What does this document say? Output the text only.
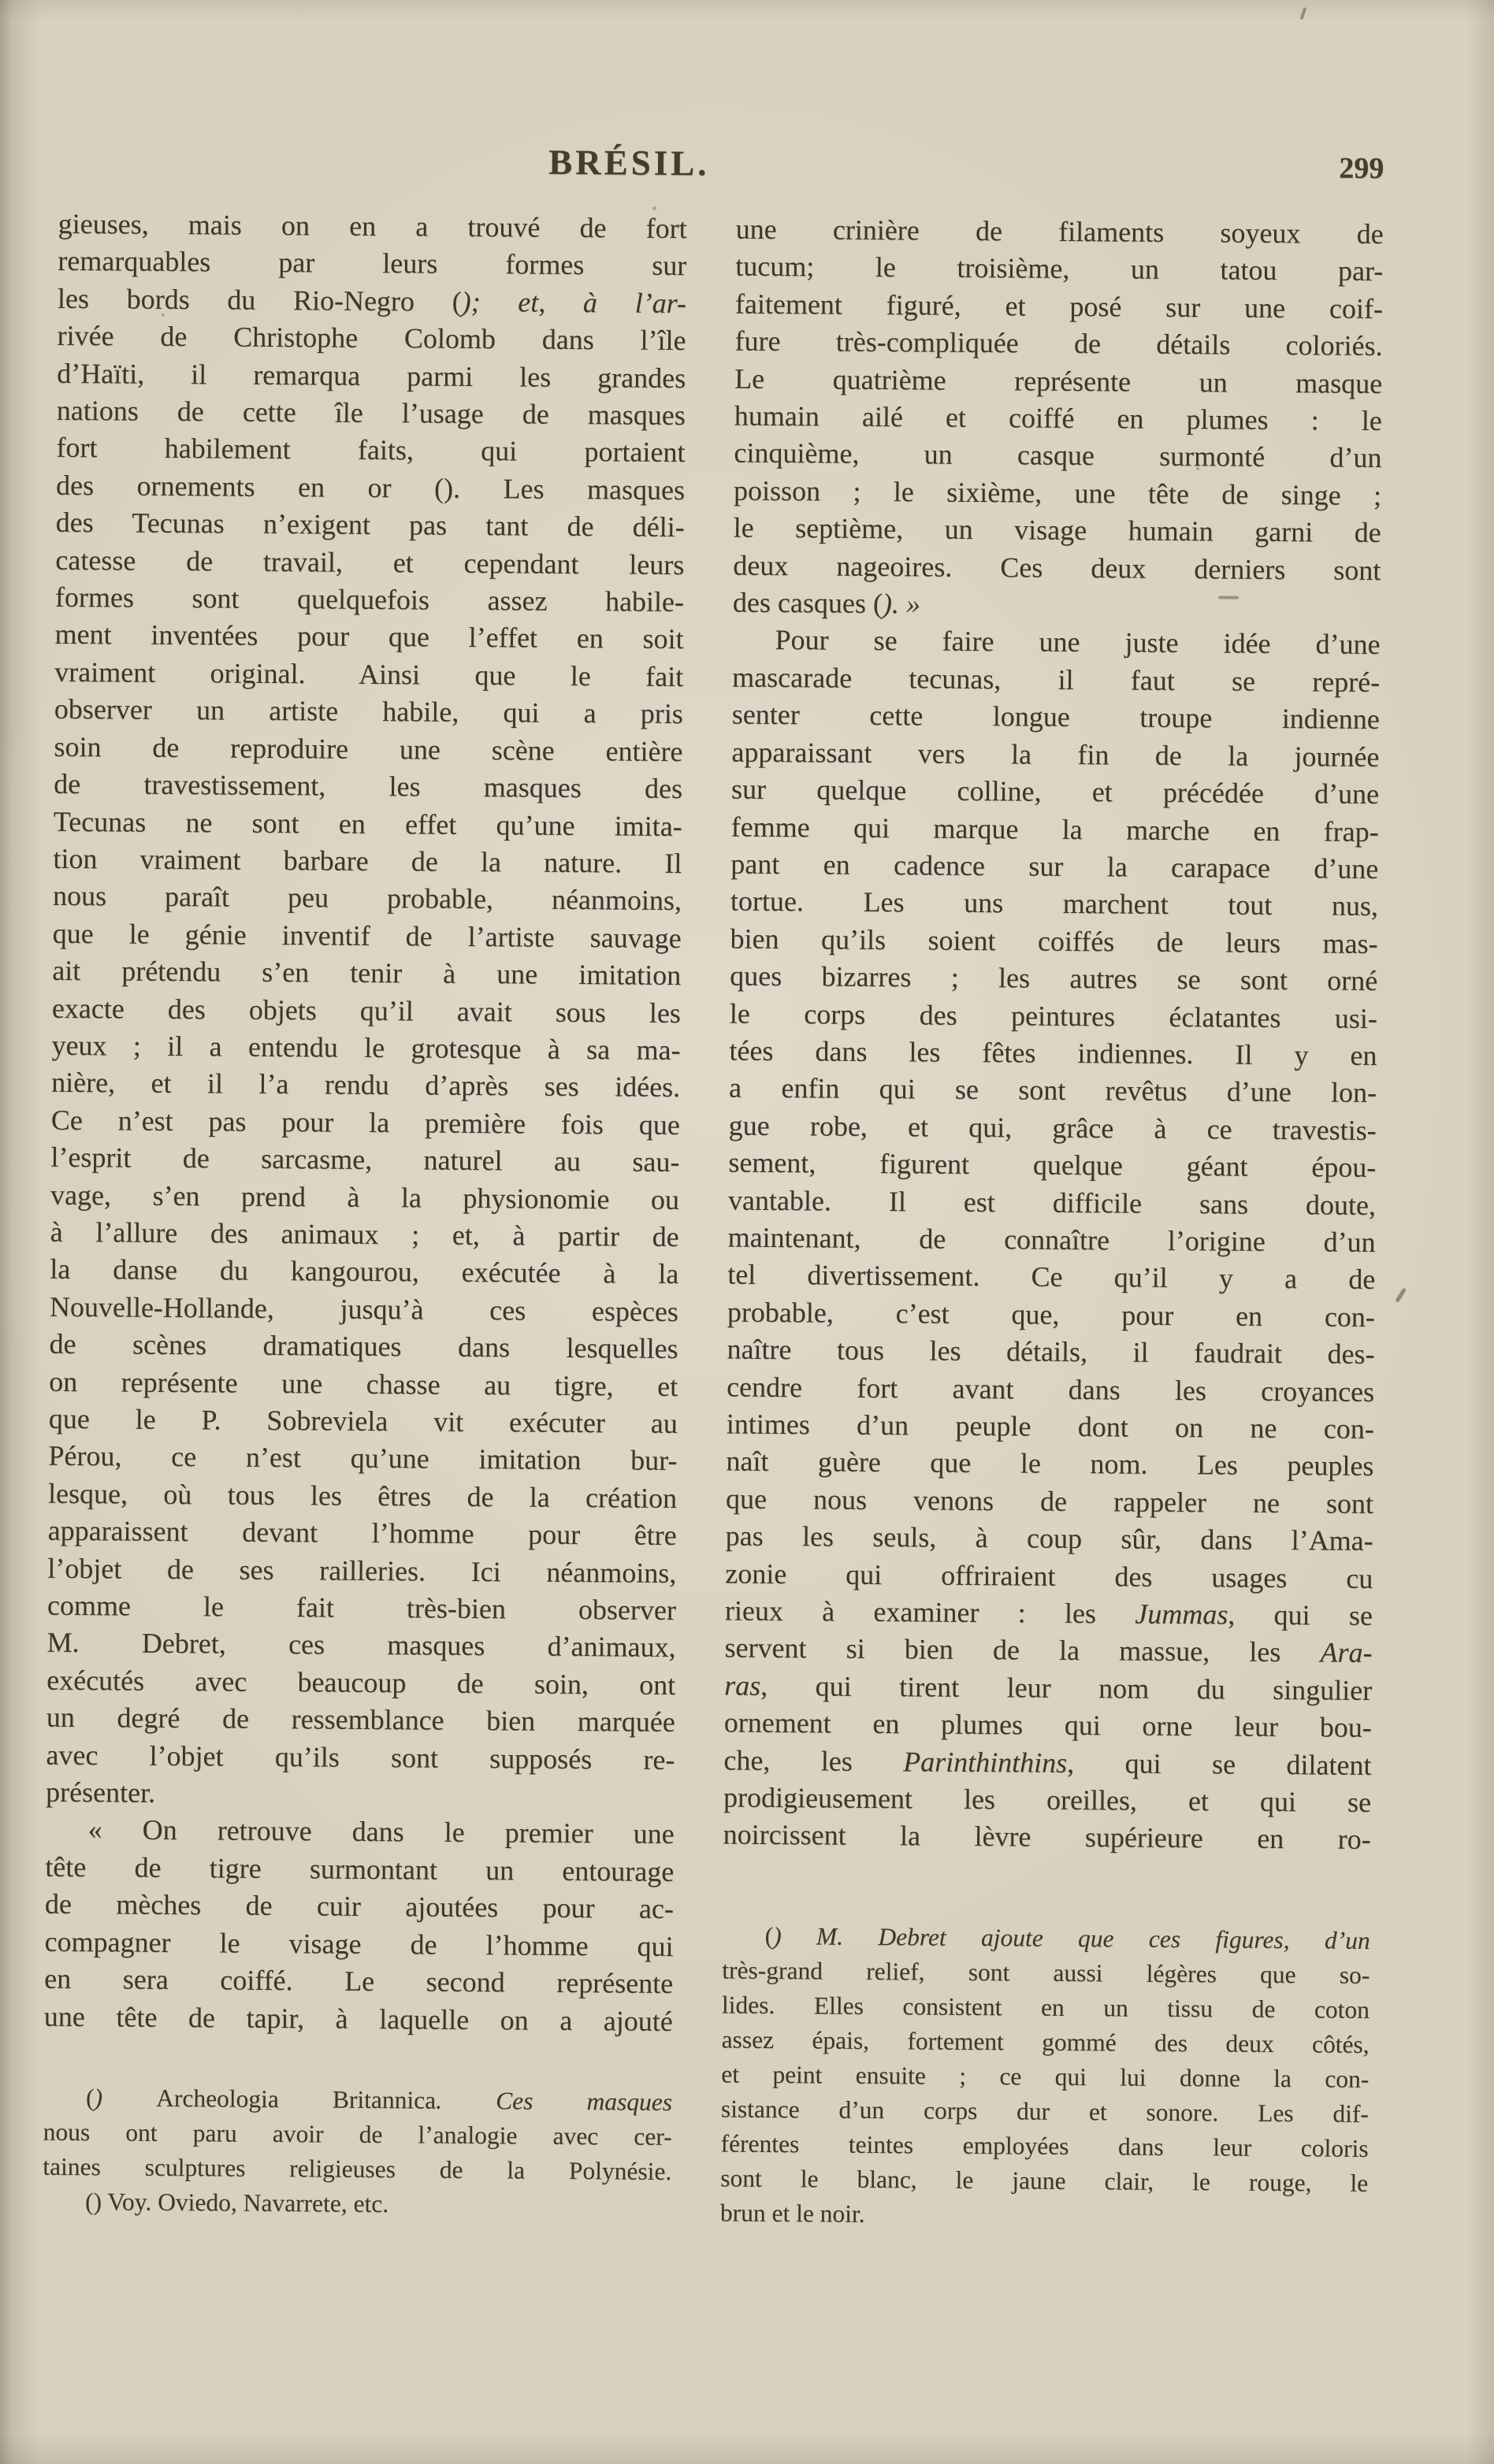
BRÉSIL.	299
gieuses, mais on en a trouvé de fort
remarquables par leurs formes sur
les bords du Rio-Negro (); et, à l’ar-
rivée de Christophe Colomb dans l’île
d’Haïti, il remarqua parmi les grandes
nations de cette île l’usage de masques
fort habilement faits, qui portaient
des ornements en or (). Les masques
des Tecunas n’exigent pas tant de déli-
catesse de travail, et cependant leurs
formes sont quelquefois assez habile-
ment inventées pour que l’effet en soit
vraiment original. Ainsi que le fait
observer un artiste habile, qui a pris
soin de reproduire une scène entière
de travestissement, les masques des
Tecunas ne sont en effet qu’une imita-
tion vraiment barbare de la nature. Il
nous paraît peu probable, néanmoins,
que le génie inventif de l’artiste sauvage
ait prétendu s’en tenir à une imitation
exacte des objets qu’il avait sous les
yeux ; il a entendu le grotesque à sa ma-
nière, et il l’a rendu d’après ses idées.
Ce n’est pas pour la première fois que
l’esprit de sarcasme, naturel au sau-
vage, s’en prend à la physionomie ou
à l’allure des animaux ; et, à partir de
la danse du kangourou, exécutée à la
Nouvelle-Hollande, jusqu’à ces espèces
de scènes dramatiques dans lesquelles
on représente une chasse au tigre, et
que le P. Sobreviela vit exécuter au
Pérou, ce n’est qu’une imitation bur-
lesque, où tous les êtres de la création
apparaissent devant l’homme pour être
l’objet de ses railleries. Ici néanmoins,
comme le fait très-bien observer
M. Debret, ces masques d’animaux,
exécutés avec beaucoup de soin, ont
un degré de ressemblance bien marquée
avec l’objet qu’ils sont supposés re-
présenter.
« On retrouve dans le premier une
tête de tigre surmontant un entourage
de mèches de cuir ajoutées pour ac-
compagner le visage de l’homme qui
en sera coiffé. Le second représente
une tête de tapir, à laquelle on a ajouté
une crinière de filaments soyeux de
tucum; le troisième, un tatou par-
faitement figuré, et posé sur une coif-
fure très-compliquée de détails coloriés.
Le quatrième représente un masque
humain ailé et coiffé en plumes : le
cinquième, un casque surmonté d’un
poisson ; le sixième, une tête de singe ;
le septième, un visage humain garni de
deux nageoires. Ces deux derniers sont
des casques (). »
Pour se faire une juste idée d’une
mascarade tecunas, il faut se repré-
senter cette longue troupe indienne
apparaissant vers la fin de la journée
sur quelque colline, et précédée d’une
femme qui marque la marche en frap-
pant en cadence sur la carapace d’une
tortue. Les uns marchent tout nus,
bien qu’ils soient coiffés de leurs mas-
ques bizarres ; les autres se sont orné
le corps des peintures éclatantes usi-
tées dans les fêtes indiennes. Il y en
a enfin qui se sont revêtus d’une lon-
gue robe, et qui, grâce à ce travestis-
sement, figurent quelque géant épou-
vantable. Il est difficile sans doute,
maintenant, de connaître l’origine d’un
tel divertissement. Ce qu’il y a de
probable, c’est que, pour en con-
naître tous les détails, il faudrait des-
cendre fort avant dans les croyances
intimes d’un peuple dont on ne con-
naît guère que le nom. Les peuples
que nous venons de rappeler ne sont
pas les seuls, à coup sûr, dans l’Ama-
zonie qui offriraient des usages cu
rieux à examiner : les Jummas, qui se
servent si bien de la massue, les Ara-
ras, qui tirent leur nom du singulier
ornement en plumes qui orne leur bou-
che, les Parinthinthins, qui se dilatent
prodigieusement les oreilles, et qui se
noircissent la lèvre supérieure en ro-
() Archeologia Britannica. Ces masques
nous ont paru avoir de l’analogie avec cer-
taines sculptures religieuses de la Polynésie.
() Voy. Oviedo, Navarrete, etc.
() M. Debret ajoute que ces figures, d’un
très-grand relief, sont aussi légères que so-
lides. Elles consistent en un tissu de coton
assez épais, fortement gommé des deux côtés,
et peint ensuite ; ce qui lui donne la con-
sistance d’un corps dur et sonore. Les dif-
férentes teintes employées dans leur coloris
sont le blanc, le jaune clair, le rouge, le
brun et le noir.
